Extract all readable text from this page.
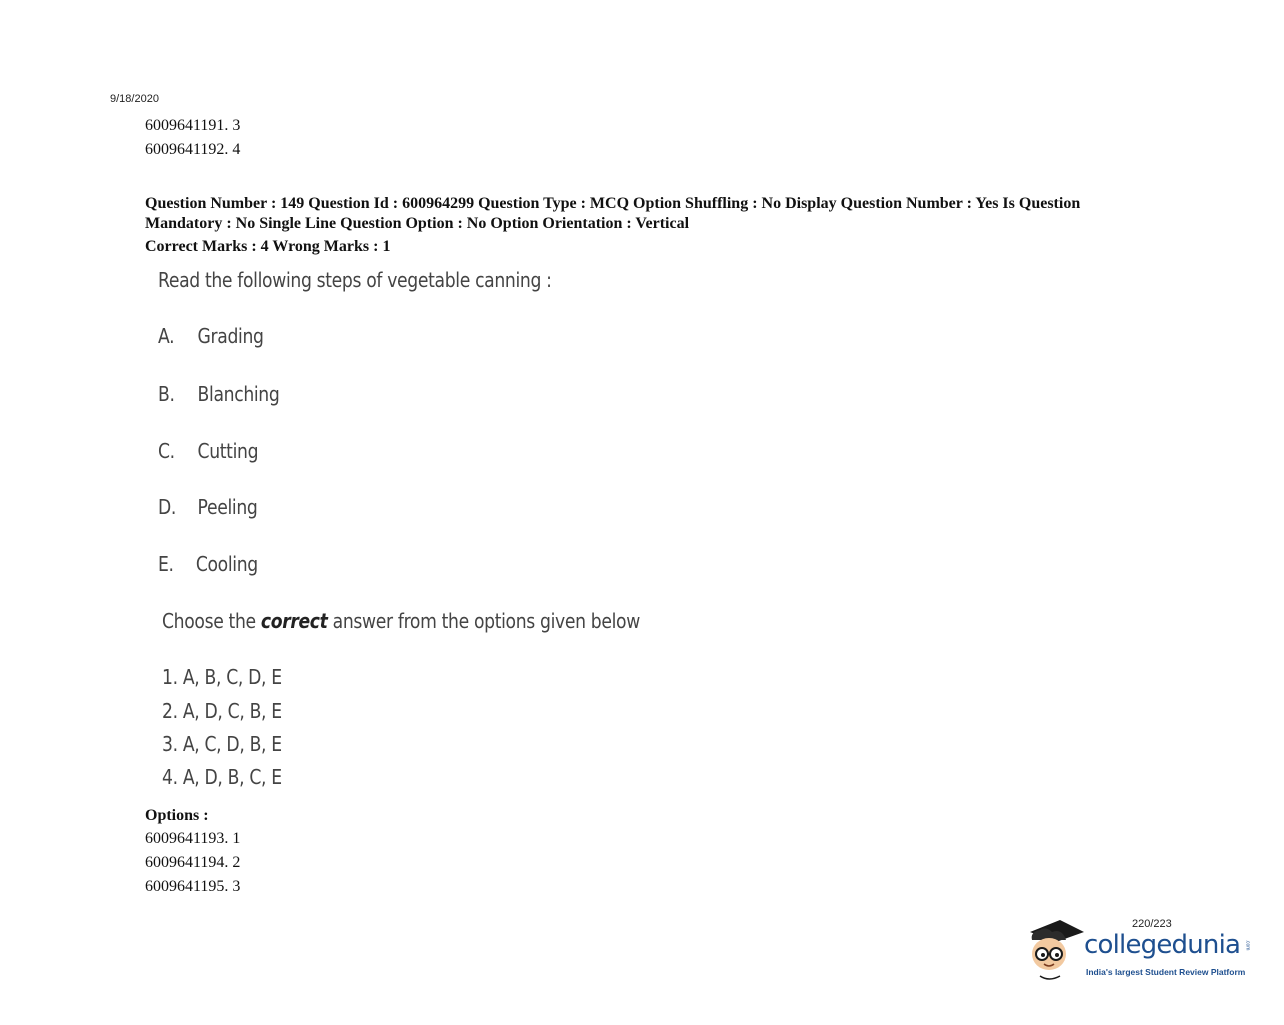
9/18/2020
6009641191. 3
6009641192. 4
Question Number : 149 Question Id : 600964299 Question Type : MCQ Option Shuffling : No Display Question Number : Yes Is Question Mandatory : No Single Line Question Option : No Option Orientation : Vertical
Correct Marks : 4 Wrong Marks : 1
Read the following steps of vegetable canning :
A. Grading
B. Blanching
C. Cutting
D. Peeling
E. Cooling
Choose the correct answer from the options given below
1. A, B, C, D, E
2. A, D, C, B, E
3. A, C, D, B, E
4. A, D, B, C, E
Options :
6009641193. 1
6009641194. 2
6009641195. 3
220/223
collegedunia .com
India's largest Student Review Platform
